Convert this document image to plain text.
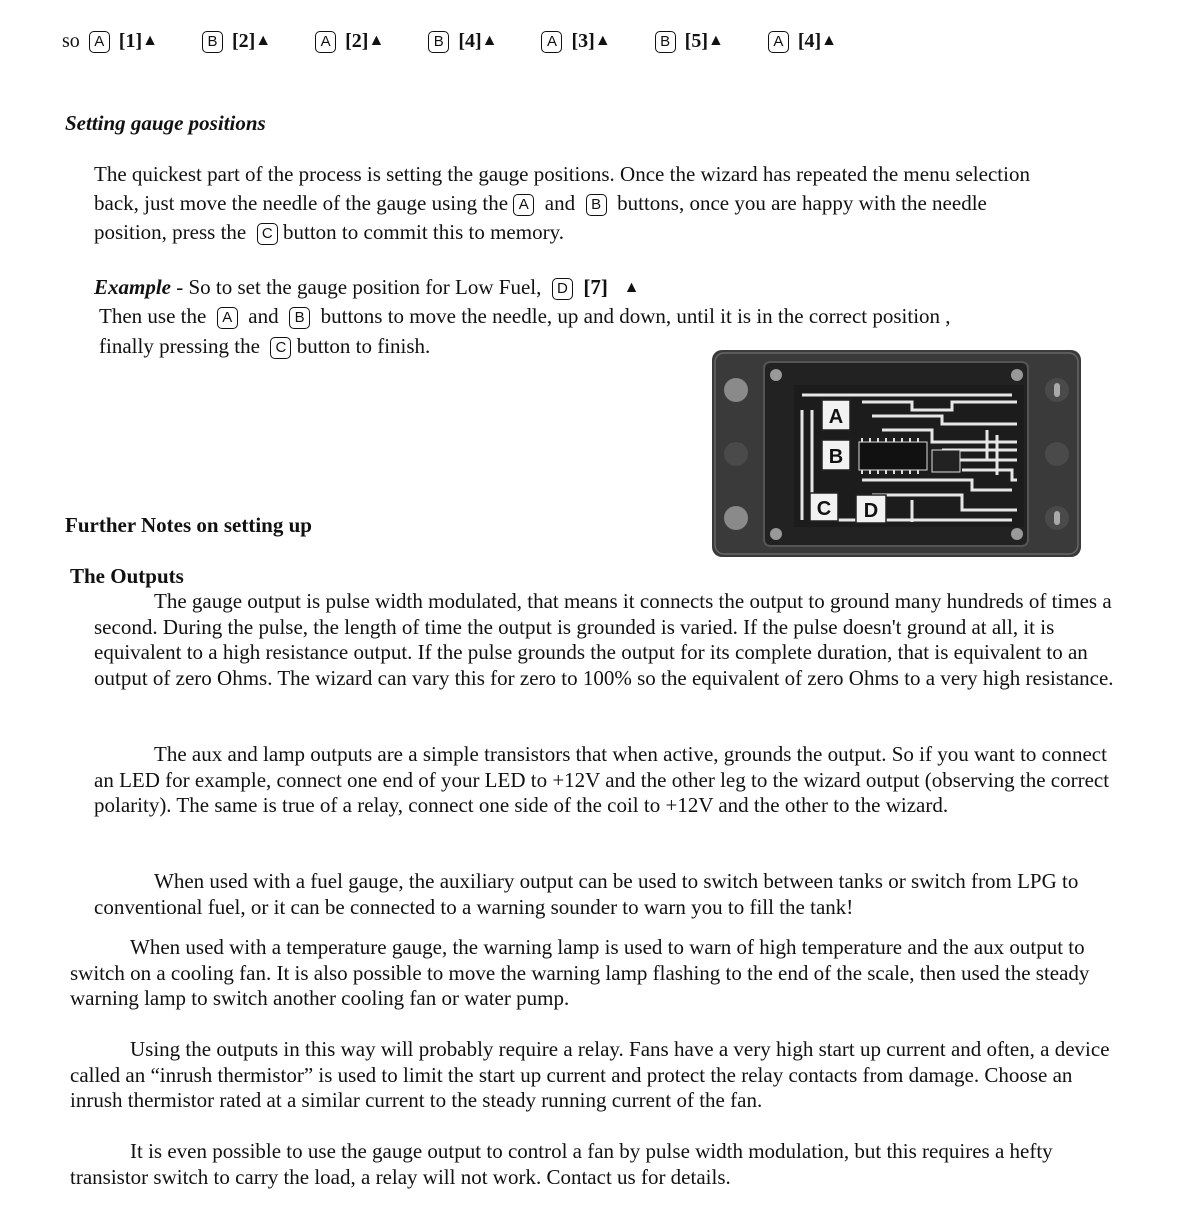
so A [1]▲	B [2]▲	A [2]▲	B [4]▲	A [3]▲	B [5]▲	A [4]▲
Setting gauge positions
The quickest part of the process is setting the gauge positions. Once the wizard has repeated the menu selection
back, just move the needle of the gauge using the A and B buttons, once you are happy with the needle
position, press the C button to commit this to memory.
Example - So to set the gauge position for Low Fuel, D [7] ▲
Then use the A and B buttons to move the needle, up and down, until it is in the correct position ,
finally pressing the C button to finish.
A
B
C D
Further Notes on setting up
The Outputs

The gauge output is pulse width modulated, that means it connects the output to ground many hundreds of times a second. During the pulse, the length of time the output is grounded is varied. If the pulse doesn't ground at all, it is equivalent to a high resistance output. If the pulse grounds the output for its complete duration, that is equivalent to an output of zero Ohms. The wizard can vary this for zero to 100% so the equivalent of zero Ohms to a very high resistance.

The aux and lamp outputs are a simple transistors that when active, grounds the output. So if you want to connect an LED for example, connect one end of your LED to +12V and the other leg to the wizard output (observing the correct polarity). The same is true of a relay, connect one side of the coil to +12V and the other to the wizard.

When used with a fuel gauge, the auxiliary output can be used to switch between tanks or switch from LPG to conventional fuel, or it can be connected to a warning sounder to warn you to fill the tank!

When used with a temperature gauge, the warning lamp is used to warn of high temperature and the aux output to switch on a cooling fan. It is also possible to move the warning lamp flashing to the end of the scale, then used the steady warning lamp to switch another cooling fan or water pump.

Using the outputs in this way will probably require a relay. Fans have a very high start up current and often, a device called an “inrush thermistor” is used to limit the start up current and protect the relay contacts from damage. Choose an inrush thermistor rated at a similar current to the steady running current of the fan.

It is even possible to use the gauge output to control a fan by pulse width modulation, but this requires a hefty transistor switch to carry the load, a relay will not work. Contact us for details.
